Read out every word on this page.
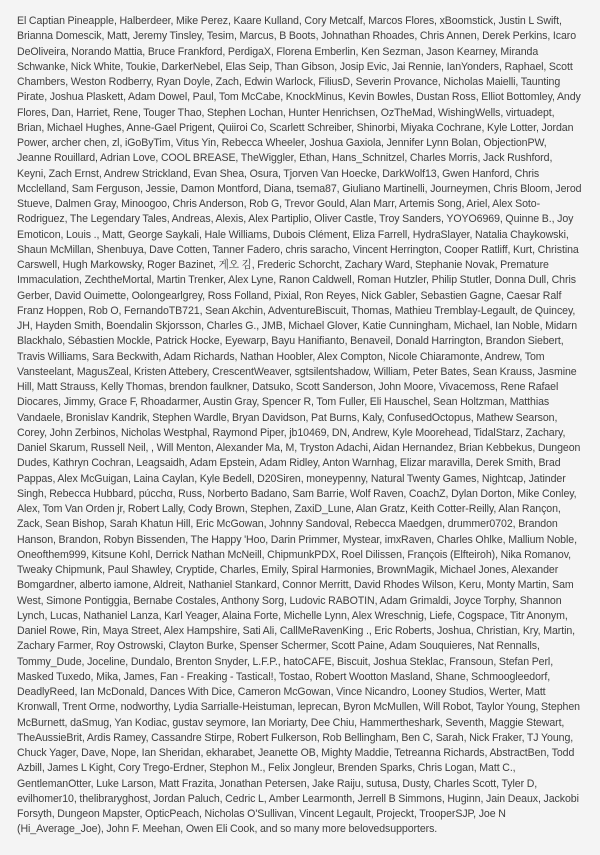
El Captian Pineapple, Halberdeer, Mike Perez, Kaare Kulland, Cory Metcalf, Marcos Flores, xBoomstick, Justin L Swift, Brianna Domescik, Matt, Jeremy Tinsley, Tesim, Marcus, B Boots, Johnathan Rhoades, Chris Annen, Derek Perkins, Icaro DeOliveira, Norando Mattia, Bruce Frankford, PerdigaX, Florena Emberlin, Ken Sezman, Jason Kearney, Miranda Schwanke, Nick White, Toukie, DarkerNebel, Elas Seip, Than Gibson, Josip Evic, Jai Rennie, IanYonders, Raphael, Scott Chambers, Weston Rodberry, Ryan Doyle, Zach, Edwin Warlock, FiliusD, Severin Provance, Nicholas Maielli, Taunting Pirate, Joshua Plaskett, Adam Dowel, Paul, Tom McCabe, KnockMinus, Kevin Bowles, Dustan Ross, Elliot Bottomley, Andy Flores, Dan, Harriet, Rene, Touger Thao, Stephen Lochan, Hunter Henrichsen, OzTheMad, WishingWells, virtuadept, Brian, Michael Hughes, Anne-Gael Prigent, Quiiroi Co, Scarlett Schreiber, Shinorbi, Miyaka Cochrane, Kyle Lotter, Jordan Power, archer chen, zl, iGoByTim, Vitus Yin, Rebecca Wheeler, Joshua Gaxiola, Jennifer Lynn Bolan, ObjectionPW, Jeanne Rouillard, Adrian Love, COOL BREASE, TheWiggler, Ethan, Hans_Schnitzel, Charles Morris, Jack Rushford, Keyni, Zach Ernst, Andrew Strickland, Evan Shea, Osura, Tjorven Van Hoecke, DarkWolf13, Gwen Hanford, Chris Mcclelland, Sam Ferguson, Jessie, Damon Montford, Diana, tsema87, Giuliano Martinelli, Journeymen, Chris Bloom, Jerod Stueve, Dalmen Gray, Minoogoo, Chris Anderson, Rob G, Trevor Gould, Alan Marr, Artemis Song, Ariel, Alex Soto-Rodriguez, The Legendary Tales, Andreas, Alexis, Alex Partiplio, Oliver Castle, Troy Sanders, YOYO6969, Quinne B., Joy Emoticon, Louis ., Matt, George Saykali, Hale Williams, Dubois Clément, Eliza Farrell, HydraSlayer, Natalia Chaykowski, Shaun McMillan, Shenbuya, Dave Cotten, Tanner Fadero, chris saracho, Vincent Herrington, Cooper Ratliff, Kurt, Christina Carswell, Hugh Markowsky, Roger Bazinet, 게오 김, Frederic Schorcht, Zachary Ward, Stephanie Novak, Premature Immaculation, ZechtheMortal, Martin Trenker, Alex Lyne, Ranon Caldwell, Roman Hutzler, Philip Stutler, Donna Dull, Chris Gerber, David Ouimette, Oolongearlgrey, Ross Folland, Pixial, Ron Reyes, Nick Gabler, Sebastien Gagne, Caesar Ralf Franz Hoppen, Rob O, FernandoTB721, Sean Akchin, AdventureBiscuit, Thomas, Mathieu Tremblay-Legault, de Quincey, JH, Hayden Smith, Boendalin Skjorsson, Charles G., JMB, Michael Glover, Katie Cunningham, Michael, Ian Noble, Midarn Blackhalo, Sébastien Mockle, Patrick Hocke, Eyewarp, Bayu Hanifianto, Benaveil, Donald Harrington, Brandon Siebert, Travis Williams, Sara Beckwith, Adam Richards, Nathan Hoobler, Alex Compton, Nicole Chiaramonte, Andrew, Tom Vansteelant, MagusZeal, Kristen Attebery, CrescentWeaver, sgtsilentshadow, William, Peter Bates, Sean Krauss, Jasmine Hill, Matt Strauss, Kelly Thomas, brendon faulkner, Datsuko, Scott Sanderson, John Moore, Vivacemoss, Rene Rafael Diocares, Jimmy, Grace F, Rhoadarmer, Austin Gray, Spencer R, Tom Fuller, Eli Hauschel, Sean Holtzman, Matthias Vandaele, Bronislav Kandrik, Stephen Wardle, Bryan Davidson, Pat Burns, Kaly, ConfusedOctopus, Mathew Searson, Corey, John Zerbinos, Nicholas Westphal, Raymond Piper, jb10469, DN, Andrew, Kyle Moorehead, TidalStarz, Zachary, Daniel Skarum, Russell Neil, , Will Menton, Alexander Ma, M, Tryston Adachi, Aidan Hernandez, Brian Kebbekus, Dungeon Dudes, Kathryn Cochran, Leagsaidh, Adam Epstein, Adam Ridley, Anton Warnhag, Elizar maravilla, Derek Smith, Brad Pappas, Alex McGuigan, Laina Caylan, Kyle Bedell, D20Siren, moneypenny, Natural Twenty Games, Nightcap, Jatinder Singh, Rebecca Hubbard, púcchα, Russ, Norberto Badano, Sam Barrie, Wolf Raven, CoachZ, Dylan Dorton, Mike Conley, Alex, Tom Van Orden jr, Robert Lally, Cody Brown, Stephen, ZaxiD_Lune, Alan Gratz, Keith Cotter-Reilly, Alan Rançon, Zack, Sean Bishop, Sarah Khatun Hill, Eric McGowan, Johnny Sandoval, Rebecca Maedgen, drummer0702, Brandon Hanson, Brandon, Robyn Bissenden, The Happy 'Hoo, Darin Primmer, Mystear, imxRaven, Charles Ohlke, Mallium Noble, Oneofthem999, Kitsune Kohl, Derrick Nathan McNeill, ChipmunkPDX, Roel Dilissen, François (Elfteiroh), Nika Romanov, Tweaky Chipmunk, Paul Shawley, Cryptide, Charles, Emily, Spiral Harmonies, BrownMagik, Michael Jones, Alexander Bomgardner, alberto iamone, Aldreit, Nathaniel Stankard, Connor Merritt, David Rhodes Wilson, Keru, Monty Martin, Sam West, Simone Pontiggia, Bernabe Costales, Anthony Sorg, Ludovic RABOTIN, Adam Grimaldi, Joyce Torphy, Shannon Lynch, Lucas, Nathaniel Lanza, Karl Yeager, Alaina Forte, Michelle Lynn, Alex Wreschnig, Liefe, Cogspace, Titr Anonym, Daniel Rowe, Rin, Maya Street, Alex Hampshire, Sati Ali, CallMeRavenKing ., Eric Roberts, Joshua, Christian, Kry, Martin, Zachary Farmer, Roy Ostrowski, Clayton Burke, Spenser Schermer, Scott Paine, Adam Souquieres, Nat Rennalls, Tommy_Dude, Joceline, Dundalo, Brenton Snyder, L.F.P., hatoCAFE, Biscuit, Joshua Steklac, Fransoun, Stefan Perl, Masked Tuxedo, Mika, James, Fan - Freaking - Tastical!, Tostao, Robert Wootton Masland, Shane, Schmoogleedorf, DeadlyReed, Ian McDonald, Dances With Dice, Cameron McGowan, Vince Nicandro, Looney Studios, Werter, Matt Kronwall, Trent Orme, nodworthy, Lydia Sarrialle-Heistuman, leprecan, Byron McMullen, Will Robot, Taylor Young, Stephen McBurnett, daSmug, Yan Kodiac, gustav seymore, Ian Moriarty, Dee Chiu, Hammertheshark, Seventh, Maggie Stewart, TheAussieBrit, Ardis Ramey, Cassandre Stirpe, Robert Fulkerson, Rob Bellingham, Ben C, Sarah, Nick Fraker, TJ Young, Chuck Yager, Dave, Nope, Ian Sheridan, ekharabet, Jeanette OB, Mighty Maddie, Tetreanna Richards, AbstractBen, Todd Azbill, James L Kight, Cory Trego-Erdner, Stephon M., Felix Jongleur, Brenden Sparks, Chris Logan, Matt C., GentlemanOtter, Luke Larson, Matt Frazita, Jonathan Petersen, Jake Raiju, sutusa, Dusty, Charles Scott, Tyler D, evilhomer10, thelibraryghost, Jordan Paluch, Cedric L, Amber Learmonth, Jerrell B Simmons, Huginn, Jain Deaux, Jackobi Forsyth, Dungeon Mapster, OpticPeach, Nicholas O'Sullivan, Vincent Legault, Projeckt, TrooperSJP, Joe N (Hi_Average_Joe), John F. Meehan, Owen Eli Cook, and so many more belovedsupporters.
